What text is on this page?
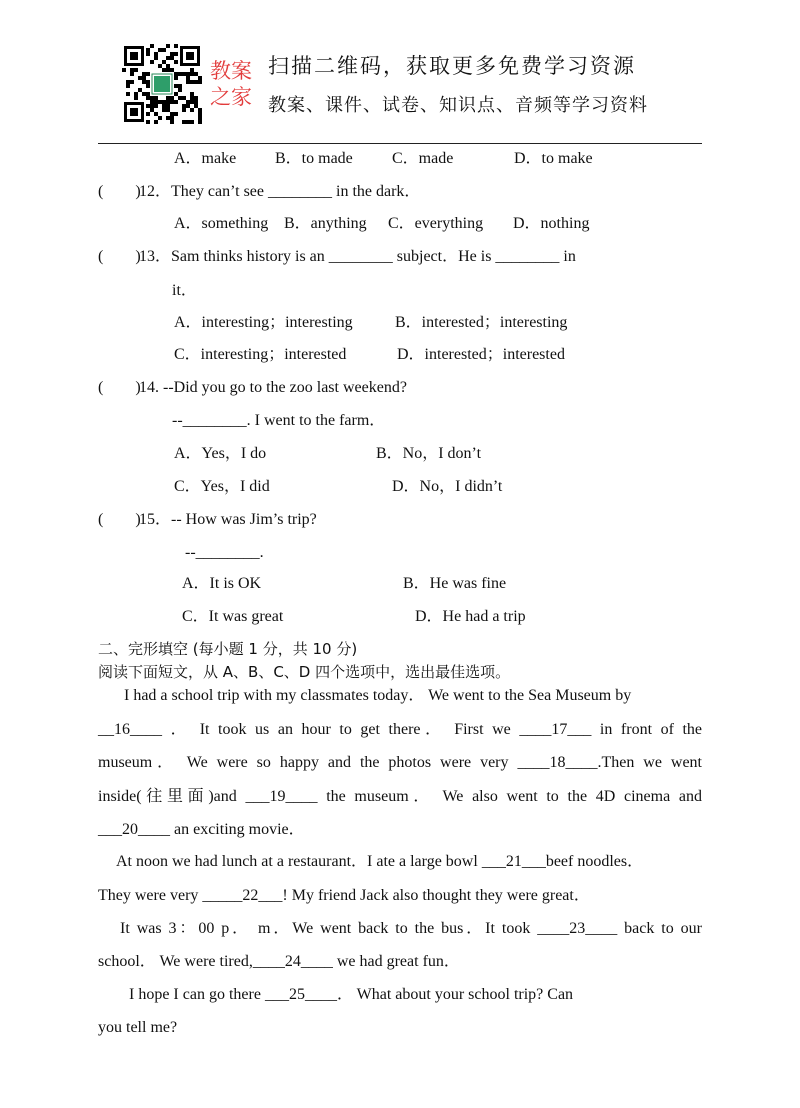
教案
之家
扫描二维码，获取更多免费学习资源
教案、课件、试卷、知识点、音频等学习资料
A．make B．to made C．made	D．to make
(　　)
12．They can’t see ________ in the dark．
A．something B．anything C．everything D．nothing
(　　)
13．Sam thinks history is an ________ subject．He is ________ in
it．
A．interesting；interesting	B．interested；interesting
C．interesting；interested	D．interested；interested
(　　)
14. --Did you go to the zoo last weekend?
--________. I went to the farm．
A．Yes，I do	B．No，I don’t
C．Yes，I did	D．No，I didn’t
(　　)
15．-- How was Jim’s trip?
--________.
A．It is OK	B．He was fine
C．It was great	D．He had a trip
二、完形填空 (每小题 1 分，共 10 分)
阅读下面短文，从 A、B、C、D 四个选项中，选出最佳选项。
I had a school trip with my classmates today． We went to the Sea Museum by
__16____ ． It took us an hour to get there． First we ____17___ in front of the
museum． We were so happy and the photos were very ____18____.Then we went
inside(往里面)and ___19____ the museum． We also went to the 4D cinema and
___20____ an exciting movie．
At noon we had lunch at a restaurant．I ate a large bowl ___21___beef noodles．
They were very _____22___! My friend Jack also thought they were great．
It was 3：00 p． m．We went back to the bus．It took ____23____ back to our
school． We were tired,____24____ we had great fun．
I hope I can go there ___25____． What about your school trip? Can
you tell me?
